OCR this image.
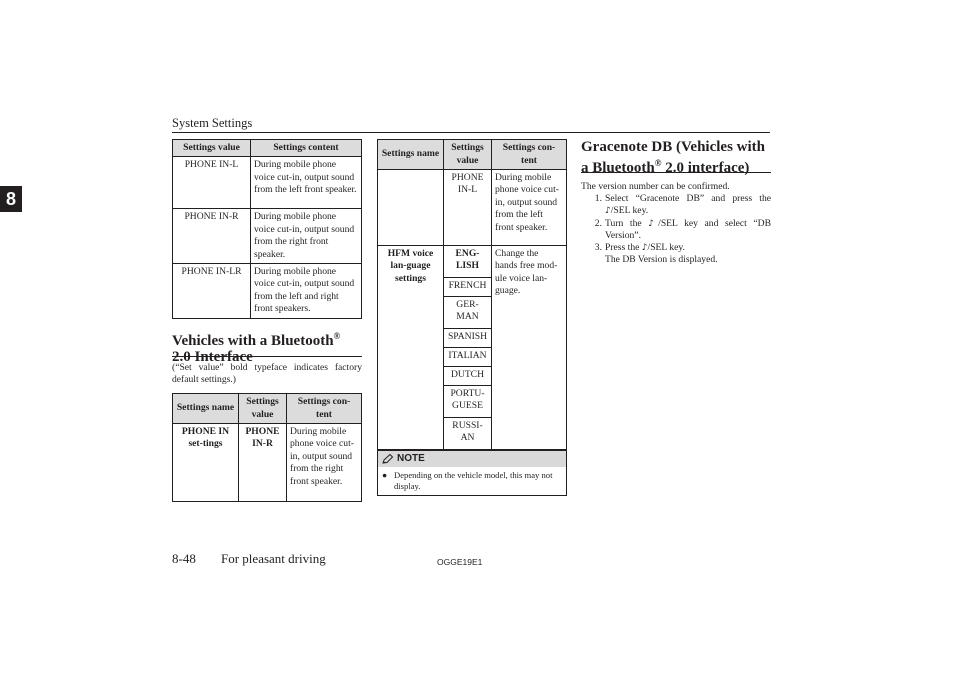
System Settings
8
Settings value	Settings content
PHONE IN-L	During mobile phone voice cut-in, output sound from the left front speaker.
PHONE IN-R	During mobile phone voice cut-in, output sound from the right front speaker.
PHONE IN-LR	During mobile phone voice cut-in, output sound from the left and right front speakers.
Vehicles with a Bluetooth® 2.0 Interface
(“Set value” bold typeface indicates factory default settings.)
Settings name	Settings value	Settings con-tent
PHONE IN set-tings	PHONE IN-R	During mobile phone voice cut-in, output sound from the right front speaker.
Settings name	Settings value	Settings con-tent
	PHONE IN-L	During mobile phone voice cut-in, output sound from the left front speaker.
HFM voice lan-guage settings	ENG-LISH	Change the hands free mod-ule voice lan-guage.
	FRENCH	
	GER-MAN	
	SPANISH	
	ITALIAN	
	DUTCH	
	PORTU-GUESE	
	RUSSI-AN	
NOTE
● Depending on the vehicle model, this may not display.
Gracenote DB (Vehicles with a Bluetooth® 2.0 interface)
The version number can be confirmed.
1. Select “Gracenote DB” and press the ♪/SEL key.
2. Turn the ♪/SEL key and select “DB Version”.
3. Press the ♪/SEL key.
The DB Version is displayed.
8-48 For pleasant driving	OGGE19E1
